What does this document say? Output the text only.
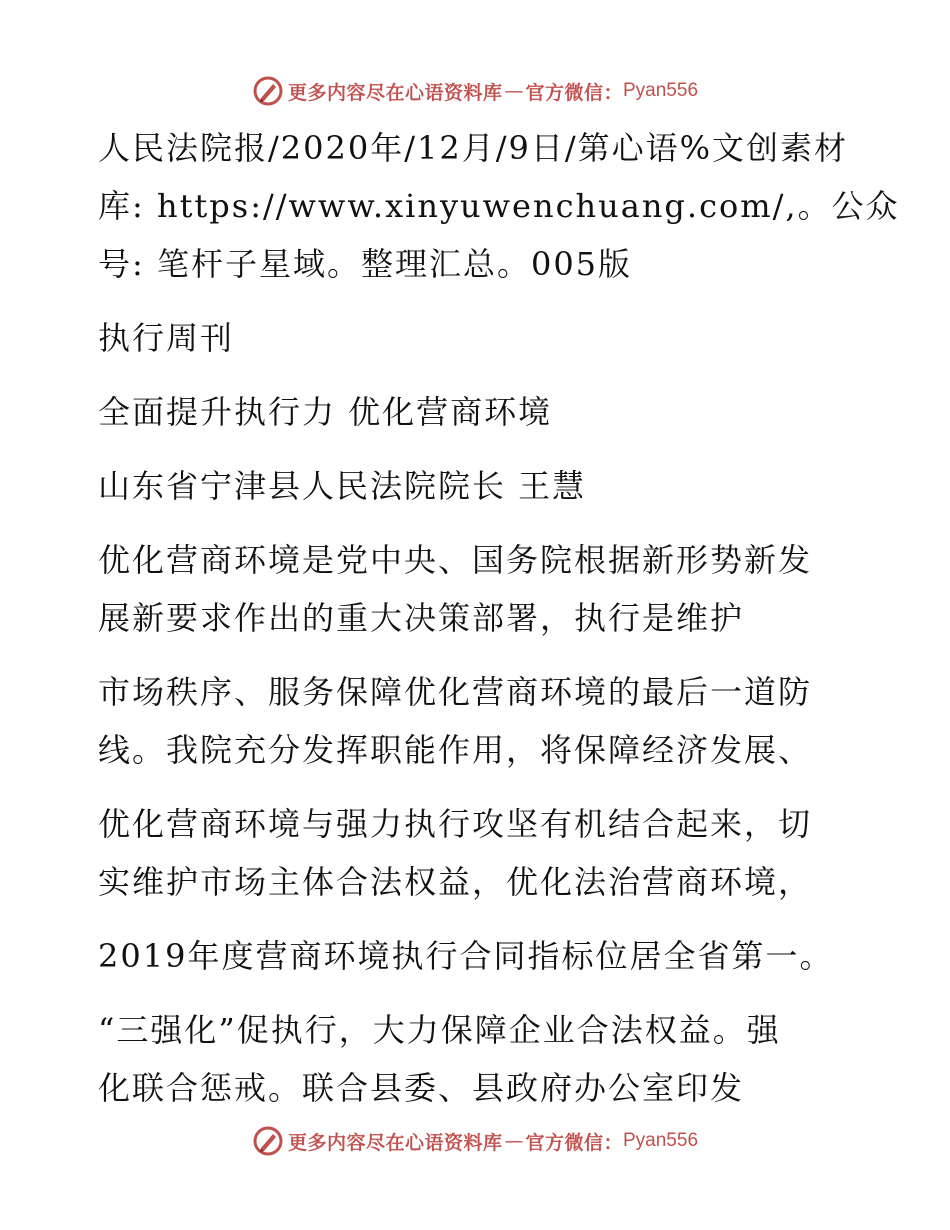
更多内容尽在心语资料库 — 官方微信： Pyan556
人民法院报/2020年/12月/9日/第心语%文创素材
库: https://www.xinyuwenchuang.com/,。公众
号: 笔杆子星域。整理汇总。005版
执行周刊
全面提升执行力 优化营商环境
山东省宁津县人民法院院长 王慧
优化营商环境是党中央、国务院根据新形势新发
展新要求作出的重大决策部署，执行是维护
市场秩序、服务保障优化营商环境的最后一道防
线。我院充分发挥职能作用，将保障经济发展、
优化营商环境与强力执行攻坚有机结合起来，切
实维护市场主体合法权益，优化法治营商环境，
2019年度营商环境执行合同指标位居全省第一。
“三强化”促执行，大力保障企业合法权益。强
化联合惩戒。联合县委、县政府办公室印发
更多内容尽在心语资料库 — 官方微信： Pyan556
